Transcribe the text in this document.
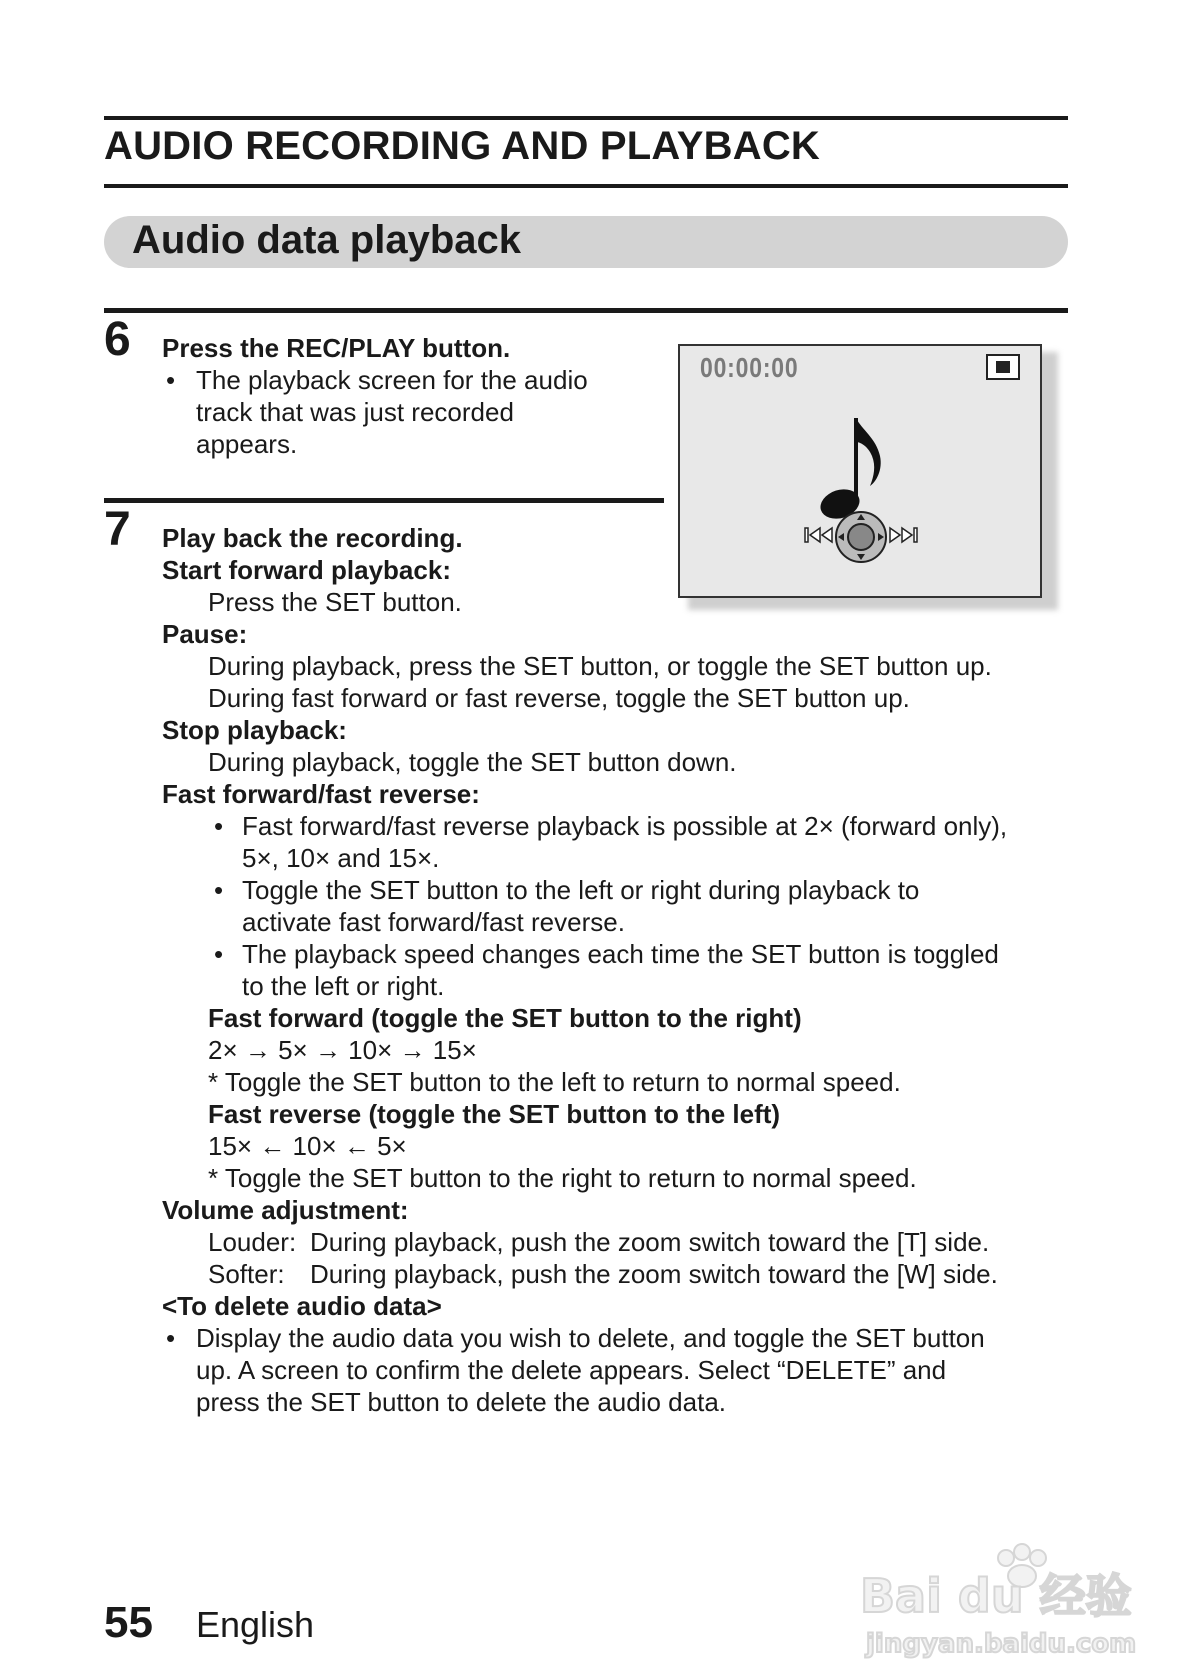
AUDIO RECORDING AND PLAYBACK
Audio data playback
6 Press the REC/PLAY button.
• The playback screen for the audio
track that was just recorded
appears.
00:00:00
7 Play back the recording.
Start forward playback:
Press the SET button.
Pause:
During playback, press the SET button, or toggle the SET button up.
During fast forward or fast reverse, toggle the SET button up.
Stop playback:
During playback, toggle the SET button down.
Fast forward/fast reverse:
• Fast forward/fast reverse playback is possible at 2× (forward only),
5×, 10× and 15×.
• Toggle the SET button to the left or right during playback to
activate fast forward/fast reverse.
• The playback speed changes each time the SET button is toggled
to the left or right.
Fast forward (toggle the SET button to the right)
2× → 5× → 10× → 15×
* Toggle the SET button to the left to return to normal speed.
Fast reverse (toggle the SET button to the left)
15× ← 10× ← 5×
* Toggle the SET button to the right to return to normal speed.
Volume adjustment:
Louder: During playback, push the zoom switch toward the [T] side.
Softer: During playback, push the zoom switch toward the [W] side.
<To delete audio data>
• Display the audio data you wish to delete, and toggle the SET button
up. A screen to confirm the delete appears. Select “DELETE” and
press the SET button to delete the audio data.
55 English
Bai du 经验
jingyan.baidu.com
